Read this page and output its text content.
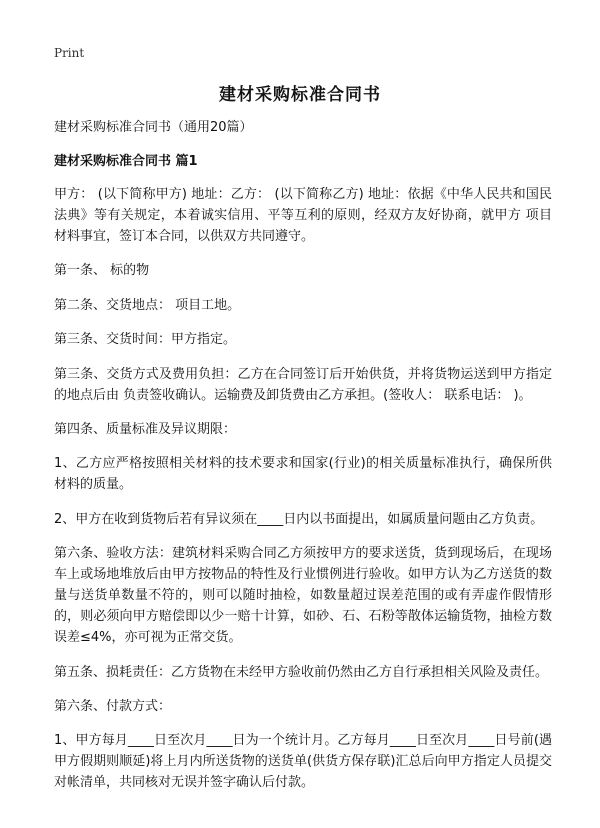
Print
建材采购标准合同书

建材采购标准合同书（通用20篇）

建材采购标准合同书 篇1

甲方： (以下简称甲方) 地址：乙方： (以下简称乙方) 地址：依据《中华人民共和国民法典》等有关规定，本着诚实信用、平等互利的原则，经双方友好协商，就甲方 项目 材料事宜，签订本合同，以供双方共同遵守。

第一条、 标的物

第二条、交货地点： 项目工地。

第三条、交货时间：甲方指定。

第三条、交货方式及费用负担：乙方在合同签订后开始供货，并将货物运送到甲方指定的地点后由 负责签收确认。运输费及卸货费由乙方承担。(签收人： 联系电话： )。

第四条、质量标准及异议期限：

1、乙方应严格按照相关材料的技术要求和国家(行业)的相关质量标准执行，确保所供材料的质量。

2、甲方在收到货物后若有异议须在____日内以书面提出，如属质量问题由乙方负责。

第六条、验收方法：建筑材料采购合同乙方须按甲方的要求送货，货到现场后，在现场车上或场地堆放后由甲方按物品的特性及行业惯例进行验收。如甲方认为乙方送货的数量与送货单数量不符的，则可以随时抽检，如数量超过误差范围的或有弄虚作假情形的，则必须向甲方赔偿即以少一赔十计算，如砂、石、石粉等散体运输货物，抽检方数误差≤4%，亦可视为正常交货。

第五条、损耗责任：乙方货物在未经甲方验收前仍然由乙方自行承担相关风险及责任。

第六条、付款方式：

1、甲方每月____日至次月____日为一个统计月。乙方每月____日至次月____日号前(遇甲方假期则顺延)将上月内所送货物的送货单(供货方保存联)汇总后向甲方指定人员提交对帐清单，共同核对无误并签字确认后付款。
